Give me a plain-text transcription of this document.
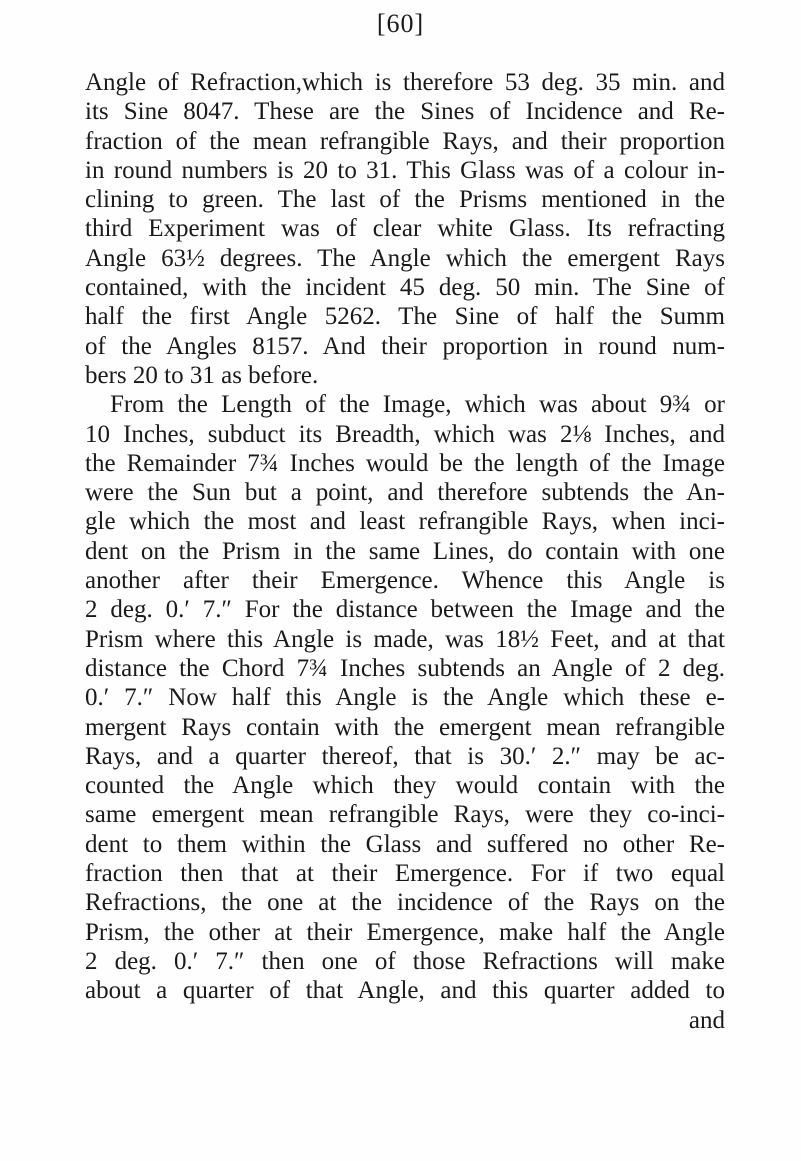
[60]
Angle of Refraction,which is therefore 53 deg. 35 min. and
its Sine 8047. These are the Sines of Incidence and Re-
fraction of the mean refrangible Rays, and their proportion
in round numbers is 20 to 31. This Glass was of a colour in-
clining to green. The last of the Prisms mentioned in the
third Experiment was of clear white Glass. Its refracting
Angle 63½ degrees. The Angle which the emergent Rays
contained, with the incident 45 deg. 50 min. The Sine of
half the first Angle 5262. The Sine of half the Summ
of the Angles 8157. And their proportion in round num-
bers 20 to 31 as before.
From the Length of the Image, which was about 9¾ or
10 Inches, subduct its Breadth, which was 2⅛ Inches, and
the Remainder 7¾ Inches would be the length of the Image
were the Sun but a point, and therefore subtends the An-
gle which the most and least refrangible Rays, when inci-
dent on the Prism in the same Lines, do contain with one
another after their Emergence. Whence this Angle is
2 deg. 0.′ 7.″ For the distance between the Image and the
Prism where this Angle is made, was 18½ Feet, and at that
distance the Chord 7¾ Inches subtends an Angle of 2 deg.
0.′ 7.″ Now half this Angle is the Angle which these e-
mergent Rays contain with the emergent mean refrangible
Rays, and a quarter thereof, that is 30.′ 2.″ may be ac-
counted the Angle which they would contain with the
same emergent mean refrangible Rays, were they co-inci-
dent to them within the Glass and suffered no other Re-
fraction then that at their Emergence. For if two equal
Refractions, the one at the incidence of the Rays on the
Prism, the other at their Emergence, make half the Angle
2 deg. 0.′ 7.″ then one of those Refractions will make
about a quarter of that Angle, and this quarter added to
and
